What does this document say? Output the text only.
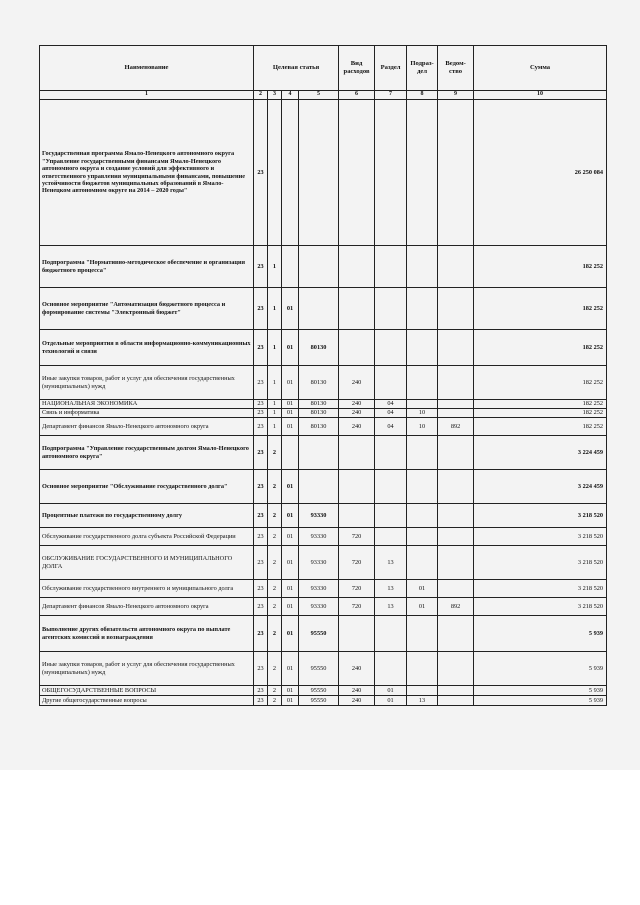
Наименование	Целевая статья				Вид расходов	Раздел	Подраз-дел	Ведом-ство	Сумма
1	2	3	4	5	6	7	8	9	10
Государственная программа Ямало-Ненецкого автономного округа "Управление государственными финансами Ямало-Ненецкого автономного округа и создание условий для эффективного и ответственного управления муниципальными финансами, повышение устойчивости бюджетов муниципальных образований в Ямало-Ненецком автономном округе на 2014 – 2020 годы"	23								26 250 084
Подпрограмма "Нормативно-методическое обеспечение и организация бюджетного процесса"	23	1							182 252
Основное мероприятие "Автоматизация бюджетного процесса и формирование системы "Электронный бюджет"	23	1	01						182 252
Отдельные мероприятия в области информационно-коммуникационных технологий и связи	23	1	01	80130					182 252
Иные закупки товаров, работ и услуг для обеспечения государственных (муниципальных) нужд	23	1	01	80130	240				182 252
НАЦИОНАЛЬНАЯ ЭКОНОМИКА	23	1	01	80130	240	04			182 252
Связь и информатика	23	1	01	80130	240	04	10		182 252
Департамент финансов Ямало-Ненецкого автономного округа	23	1	01	80130	240	04	10	892	182 252
Подпрограмма "Управление государственным долгом Ямало-Ненецкого автономного округа"	23	2							3 224 459
Основное мероприятие "Обслуживание государственного долга"	23	2	01						3 224 459
Процентные платежи по государственному долгу	23	2	01	93330					3 218 520
Обслуживание государственного долга субъекта Российской Федерации	23	2	01	93330	720				3 218 520
ОБСЛУЖИВАНИЕ ГОСУДАРСТВЕННОГО И МУНИЦИПАЛЬНОГО ДОЛГА	23	2	01	93330	720	13			3 218 520
Обслуживание государственного внутреннего и муниципального долга	23	2	01	93330	720	13	01		3 218 520
Департамент финансов Ямало-Ненецкого автономного округа	23	2	01	93330	720	13	01	892	3 218 520
Выполнение других обязательств автономного округа по выплате агентских комиссий и вознаграждения	23	2	01	95550					5 939
Иные закупки товаров, работ и услуг для обеспечения государственных (муниципальных) нужд	23	2	01	95550	240				5 939
ОБЩЕГОСУДАРСТВЕННЫЕ ВОПРОСЫ	23	2	01	95550	240	01			5 939
Другие общегосударственные вопросы	23	2	01	95550	240	01	13		5 939
